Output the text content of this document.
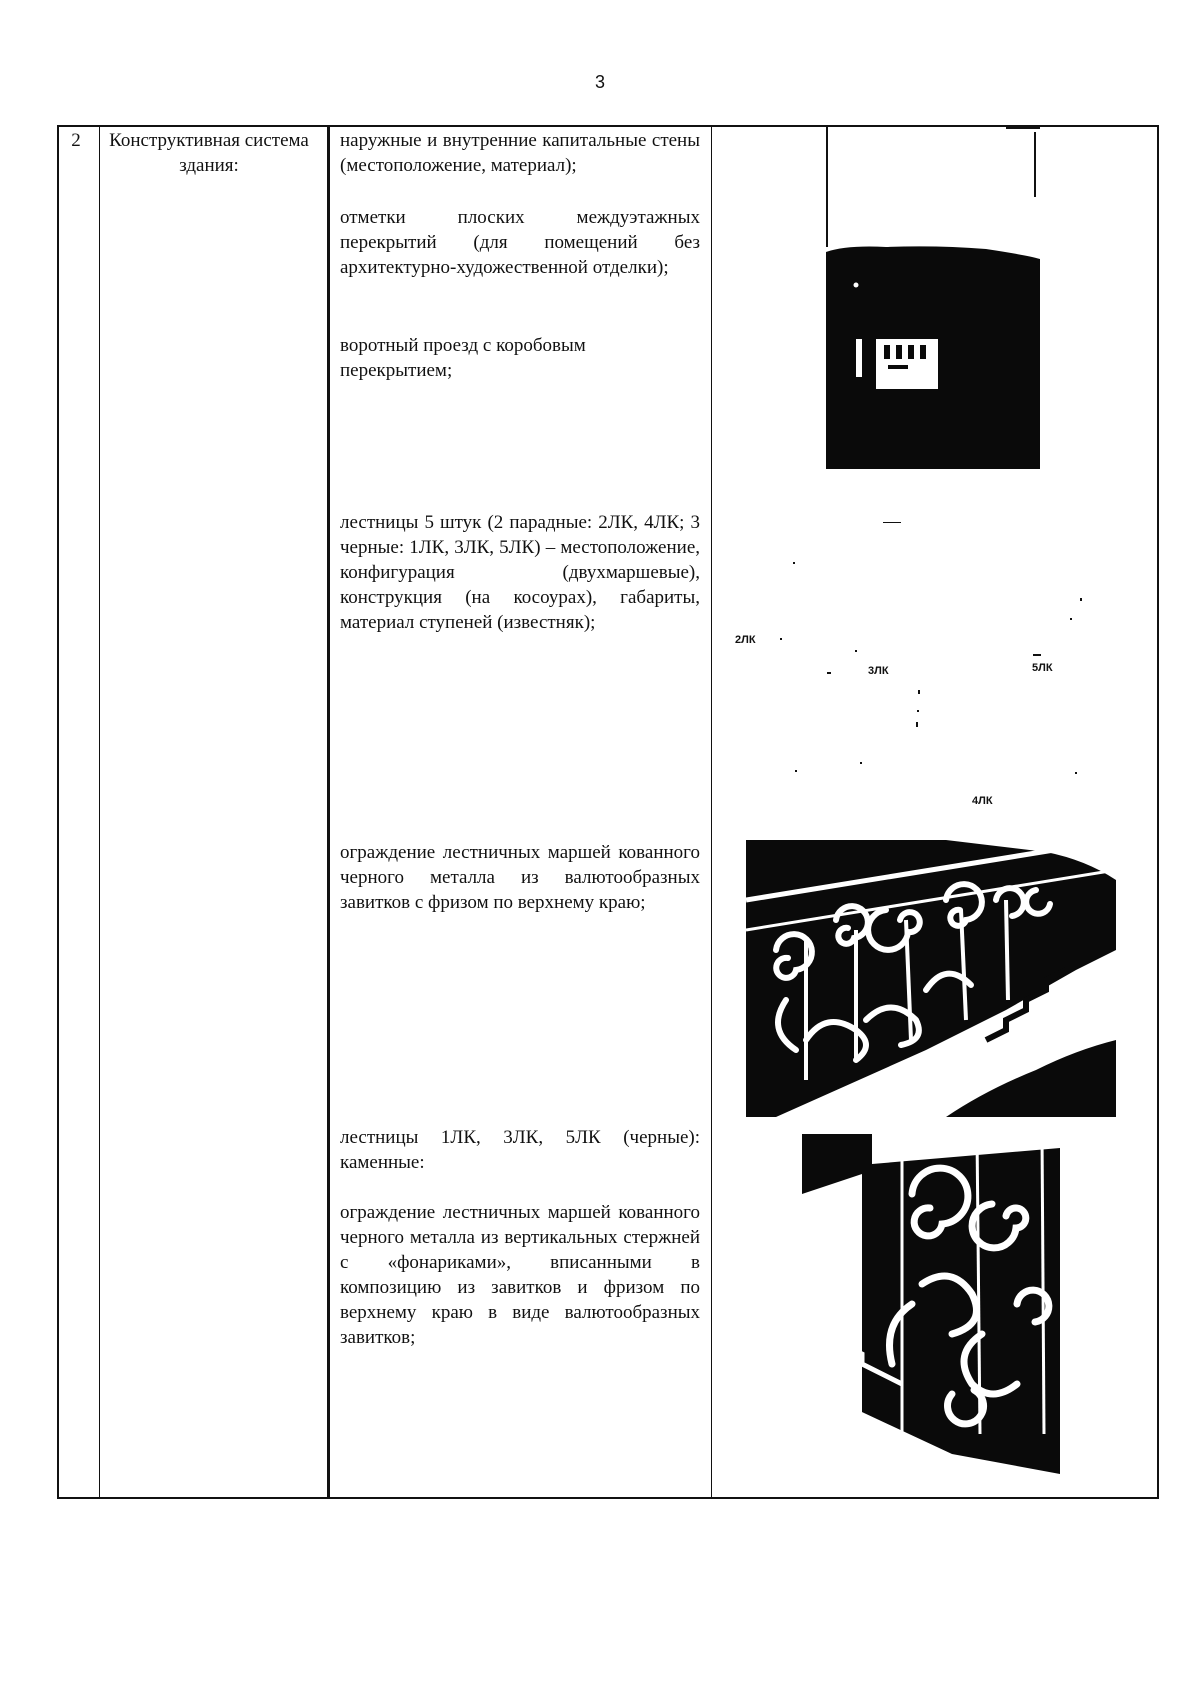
3
2	Конструктивная система здания:

наружные и внутренние капитальные стены (местоположение, материал);

отметки плоских междуэтажных перекрытий (для помещений без архитектурно-художественной отделки);

воротный проезд с коробовым перекрытием;

лестницы 5 штук (2 парадные: 2ЛК, 4ЛК; 3 черные: 1ЛК, 3ЛК, 5ЛК) – местоположение, конфигурация (двухмаршевые), конструкция (на косоурах), габариты, материал ступеней (известняк);

ограждение лестничных маршей кованного черного металла из валютообразных завитков с фризом по верхнему краю;

лестницы 1ЛК, 3ЛК, 5ЛК (черные): каменные:

ограждение лестничных маршей кованного черного металла из вертикальных стержней с «фонариками», вписанными в композицию из завитков и фризом по верхнему краю в виде валютообразных завитков;

2ЛК
3ЛК	5ЛК
4ЛК
